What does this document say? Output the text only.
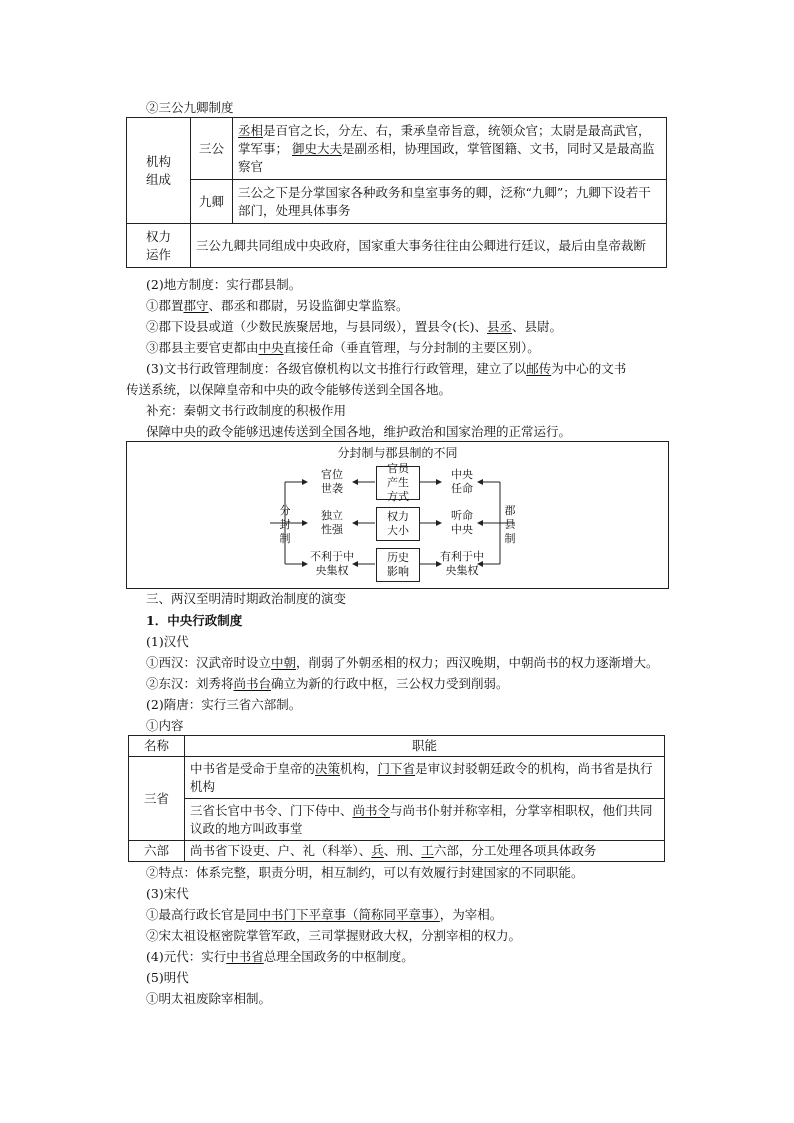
②三公九卿制度
机构组成	三公	丞相是百官之长，分左、右，秉承皇帝旨意，统领众官；太尉是最高武官，掌军事； 御史大夫是副丞相，协理国政，掌管图籍、文书，同时又是最高监察官
	九卿	三公之下是分掌国家各种政务和皇室事务的卿，泛称“九卿”；九卿下设若干部门，处理具体事务
权力运作	三公九卿共同组成中央政府，国家重大事务往往由公卿进行廷议，最后由皇帝裁断	
(2)地方制度：实行郡县制。
①郡置郡守、郡丞和郡尉，另设监御史掌监察。
②郡下设县或道（少数民族聚居地，与县同级），置县令(长)、县丞、县尉。
③郡县主要官吏都由中央直接任命（垂直管理，与分封制的主要区别）。
(3)文书行政管理制度：各级官僚机构以文书推行行政管理，建立了以邮传为中心的文书
传送系统，以保障皇帝和中央的政令能够传送到全国各地。
补充：秦朝文书行政制度的积极作用
保障中央的政令能够迅速传送到全国各地，维护政治和国家治理的正常运行。
分封制与郡县制的不同
分封制
郡县制
官员产生方式
权力大小
历史影响
官位世袭
独立性强
不利于中央集权
中央任命
听命中央
有利于中央集权
三、两汉至明清时期政治制度的演变
1．中央行政制度
(1)汉代
①西汉：汉武帝时设立中朝，削弱了外朝丞相的权力；西汉晚期，中朝尚书的权力逐渐增大。
②东汉：刘秀将尚书台确立为新的行政中枢，三公权力受到削弱。
(2)隋唐：实行三省六部制。
①内容
名称	职能
三省	中书省是受命于皇帝的决策机构，门下省是审议封驳朝廷政令的机构，尚书省是执行机构
	三省长官中书令、门下侍中、尚书令与尚书仆射并称宰相，分掌宰相职权，他们共同议政的地方叫政事堂
六部	尚书省下设吏、户、礼（科举）、兵、刑、工六部，分工处理各项具体政务
②特点：体系完整，职责分明，相互制约，可以有效履行封建国家的不同职能。
(3)宋代
①最高行政长官是同中书门下平章事（简称同平章事），为宰相。
②宋太祖设枢密院掌管军政，三司掌握财政大权，分割宰相的权力。
(4)元代：实行中书省总理全国政务的中枢制度。
(5)明代
①明太祖废除宰相制。
